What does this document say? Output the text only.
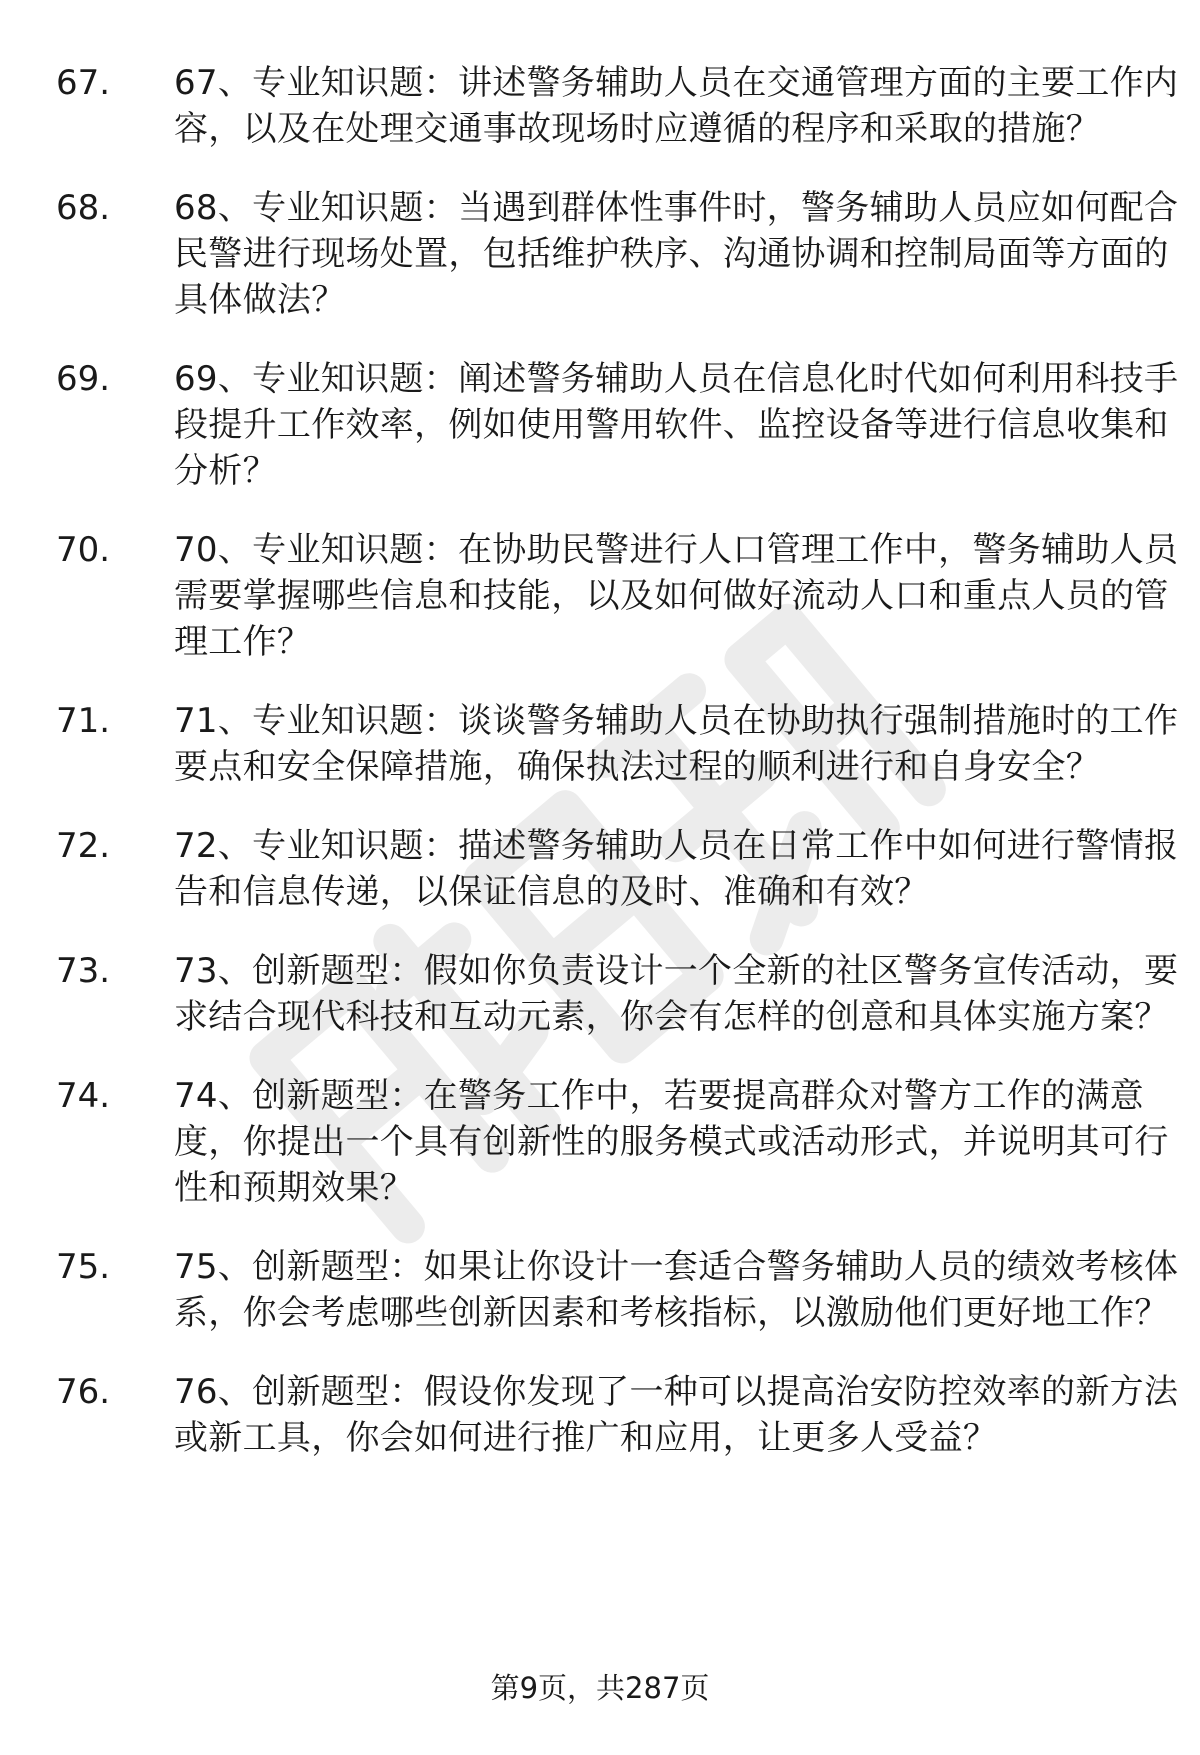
67.	67、专业知识题：讲述警务辅助人员在交通管理方面的主要工作内容，以及在处理交通事故现场时应遵循的程序和采取的措施？
68.	68、专业知识题：当遇到群体性事件时，警务辅助人员应如何配合民警进行现场处置，包括维护秩序、沟通协调和控制局面等方面的具体做法？
69.	69、专业知识题：阐述警务辅助人员在信息化时代如何利用科技手段提升工作效率，例如使用警用软件、监控设备等进行信息收集和分析？
70.	70、专业知识题：在协助民警进行人口管理工作中，警务辅助人员需要掌握哪些信息和技能，以及如何做好流动人口和重点人员的管理工作？
71.	71、专业知识题：谈谈警务辅助人员在协助执行强制措施时的工作要点和安全保障措施，确保执法过程的顺利进行和自身安全？
72.	72、专业知识题：描述警务辅助人员在日常工作中如何进行警情报告和信息传递，以保证信息的及时、准确和有效？
73.	73、创新题型：假如你负责设计一个全新的社区警务宣传活动，要求结合现代科技和互动元素，你会有怎样的创意和具体实施方案？
74.	74、创新题型：在警务工作中，若要提高群众对警方工作的满意度，你提出一个具有创新性的服务模式或活动形式，并说明其可行性和预期效果？
75.	75、创新题型：如果让你设计一套适合警务辅助人员的绩效考核体系，你会考虑哪些创新因素和考核指标，以激励他们更好地工作？
76.	76、创新题型：假设你发现了一种可以提高治安防控效率的新方法或新工具，你会如何进行推广和应用，让更多人受益？
第9页，共287页
